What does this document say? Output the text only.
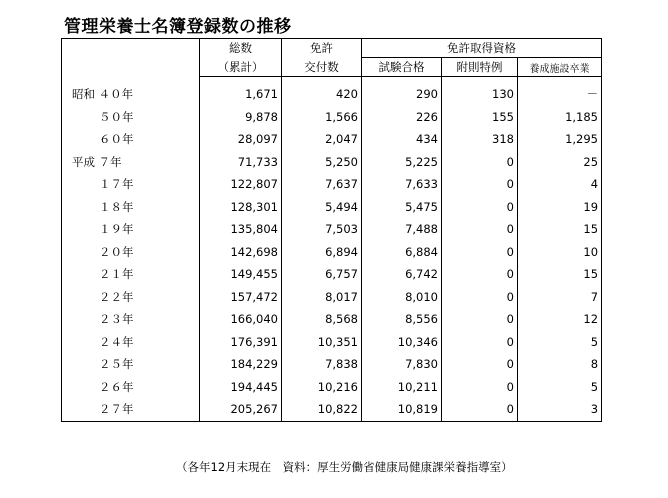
管理栄養士名簿登録数の推移
	総数	免許	免許取得資格		
	（累計）	交付数	試験合格	附則特例	養成施設卒業
昭和 ４０年	1,671	420	290	130	－
５０年	9,878	1,566	226	155	1,185
６０年	28,097	2,047	434	318	1,295
平成 ７年	71,733	5,250	5,225	0	25
１７年	122,807	7,637	7,633	0	4
１８年	128,301	5,494	5,475	0	19
１９年	135,804	7,503	7,488	0	15
２０年	142,698	6,894	6,884	0	10
２１年	149,455	6,757	6,742	0	15
２２年	157,472	8,017	8,010	0	7
２３年	166,040	8,568	8,556	0	12
２４年	176,391	10,351	10,346	0	5
２５年	184,229	7,838	7,830	0	8
２６年	194,445	10,216	10,211	0	5
２７年	205,267	10,822	10,819	0	3
（各年12月末現在　資料：厚生労働省健康局健康課栄養指導室）
